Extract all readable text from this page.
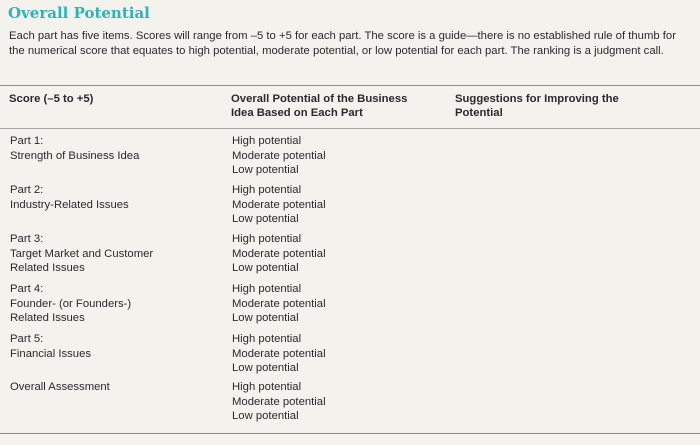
Overall Potential
Each part has five items. Scores will range from –5 to +5 for each part. The score is a guide—there is no established rule of thumb for the numerical score that equates to high potential, moderate potential, or low potential for each part. The ranking is a judgment call.
Score (–5 to +5)	Overall Potential of the Business Idea Based on Each Part
Suggestions for Improving the Potential
Part 1:
Strength of Business Idea
High potential
Moderate potential
Low potential
Part 2:
Industry-Related Issues
High potential
Moderate potential
Low potential
Part 3:
Target Market and Customer
Related Issues
High potential
Moderate potential
Low potential
Part 4:
Founder- (or Founders-)
Related Issues
High potential
Moderate potential
Low potential
Part 5:
Financial Issues
High potential
Moderate potential
Low potential
Overall Assessment	High potential
Moderate potential
Low potential
